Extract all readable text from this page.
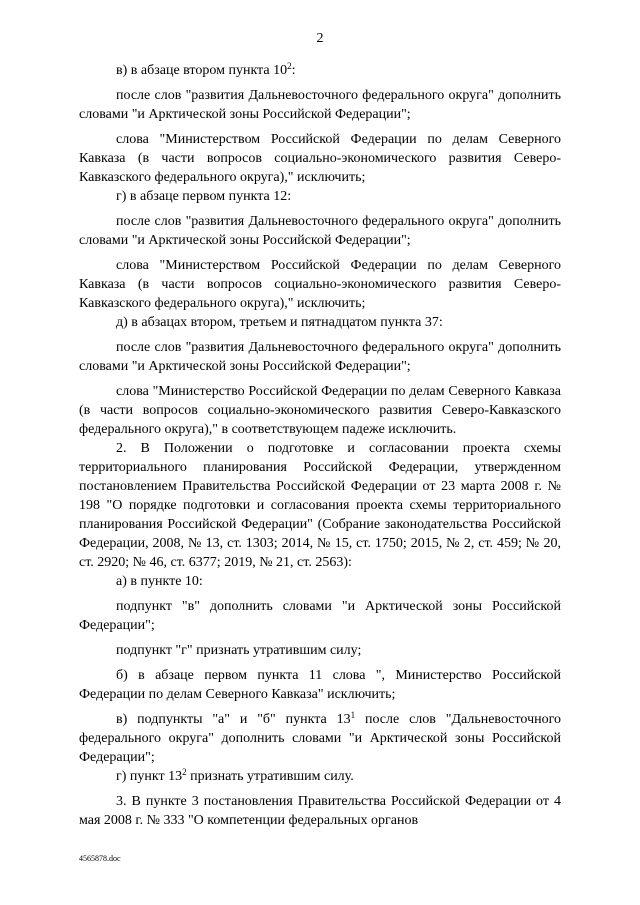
2

в) в абзаце втором пункта $10^2$:

после слов "развития Дальневосточного федерального округа" дополнить словами "и Арктической зоны Российской Федерации";

слова "Министерством Российской Федерации по делам Северного Кавказа (в части вопросов социально-экономического развития Северо-Кавказского федерального округа)," исключить;

г) в абзаце первом пункта 12:

после слов "развития Дальневосточного федерального округа" дополнить словами "и Арктической зоны Российской Федерации";

слова "Министерством Российской Федерации по делам Северного Кавказа (в части вопросов социально-экономического развития Северо-Кавказского федерального округа)," исключить;

д) в абзацах втором, третьем и пятнадцатом пункта 37:

после слов "развития Дальневосточного федерального округа" дополнить словами "и Арктической зоны Российской Федерации";

слова "Министерство Российской Федерации по делам Северного Кавказа (в части вопросов социально-экономического развития Северо-Кавказского федерального округа)," в соответствующем падеже исключить.

2. В Положении о подготовке и согласовании проекта схемы территориального планирования Российской Федерации, утвержденном постановлением Правительства Российской Федерации от 23 марта 2008 г. № 198 "О порядке подготовки и согласования проекта схемы территориального планирования Российской Федерации" (Собрание законодательства Российской Федерации, 2008, № 13, ст. 1303; 2014, № 15, ст. 1750; 2015, № 2, ст. 459; № 20, ст. 2920; № 46, ст. 6377; 2019, № 21, ст. 2563):

а) в пункте 10:

подпункт "в" дополнить словами "и Арктической зоны Российской Федерации";

подпункт "г" признать утратившим силу;

б) в абзаце первом пункта 11 слова ", Министерство Российской Федерации по делам Северного Кавказа" исключить;

в) подпункты "а" и "б" пункта $13^1$ после слов "Дальневосточного федерального округа" дополнить словами "и Арктической зоны Российской Федерации";

г) пункт $13^2$ признать утратившим силу.

3. В пункте 3 постановления Правительства Российской Федерации от 4 мая 2008 г. № 333 "О компетенции федеральных органов

4565878.doc
